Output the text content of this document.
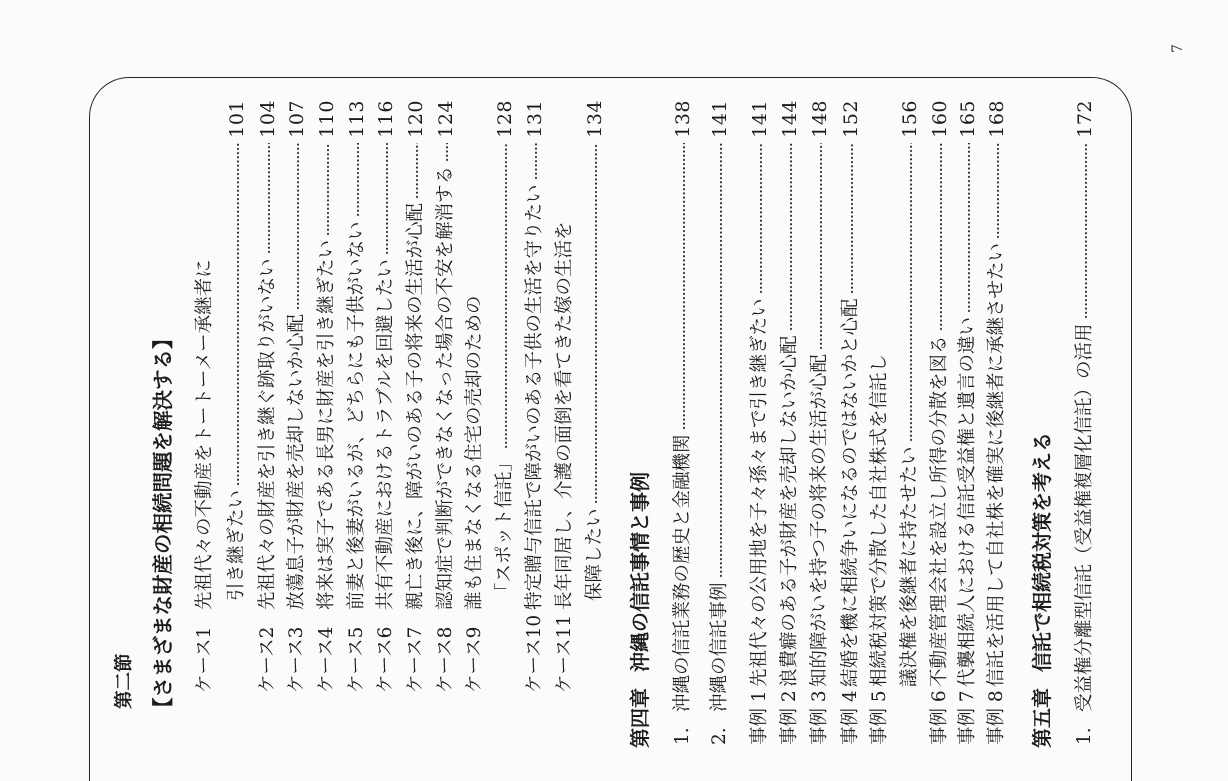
第二節 【さまざまな財産の相続問題を解決する】 ケース1
先祖代々の不動産をトートーメー承継者に 引き継ぎたい
101
ケース2
先祖代々の財産を引き継ぐ跡取りがいない
104
ケース3
放蕩息子が財産を売却しないか心配
107
ケース4
将来は実子である長男に財産を引き継ぎたい
110
ケース5
前妻と後妻がいるが、どちらにも子供がいない
113
ケース6
共有不動産におけるトラブルを回避したい
116
ケース7
親亡き後に、障がいのある子の将来の生活が心配
120
ケース8
認知症で判断ができなくなった場合の不安を解消する
124
ケース9
誰も住まなくなる住宅の売却のための 「スポット信託」
128
ケース10
特定贈与信託で障がいのある子供の生活を守りたい
131
ケース11
長年同居し、介護の面倒を看てきた嫁の生活を 保障したい
134
第四章
沖縄の信託事情と事例
1.
沖縄の信託業務の歴史と金融機関
138
2.
沖縄の信託事例
141
事例 1
先祖代々の公用地を子々孫々まで引き継ぎたい
141
事例 2
浪費癖のある子が財産を売却しないか心配
144
事例 3
知的障がいを持つ子の将来の生活が心配
148
事例 4
結婚を機に相続争いになるのではないかと心配
152
事例 5
相続税対策で分散した自社株式を信託し 議決権を後継者に持たせたい
156
事例 6
不動産管理会社を設立し所得の分散を図る
160
事例 7
代襲相続人における信託受益権と遺言の違い
165
事例 8
信託を活用して自社株を確実に後継者に承継させたい
168
第五章
信託で相続税対策を考える
1.
受益権分離型信託（受益権複層化信託）の活用
172
7
